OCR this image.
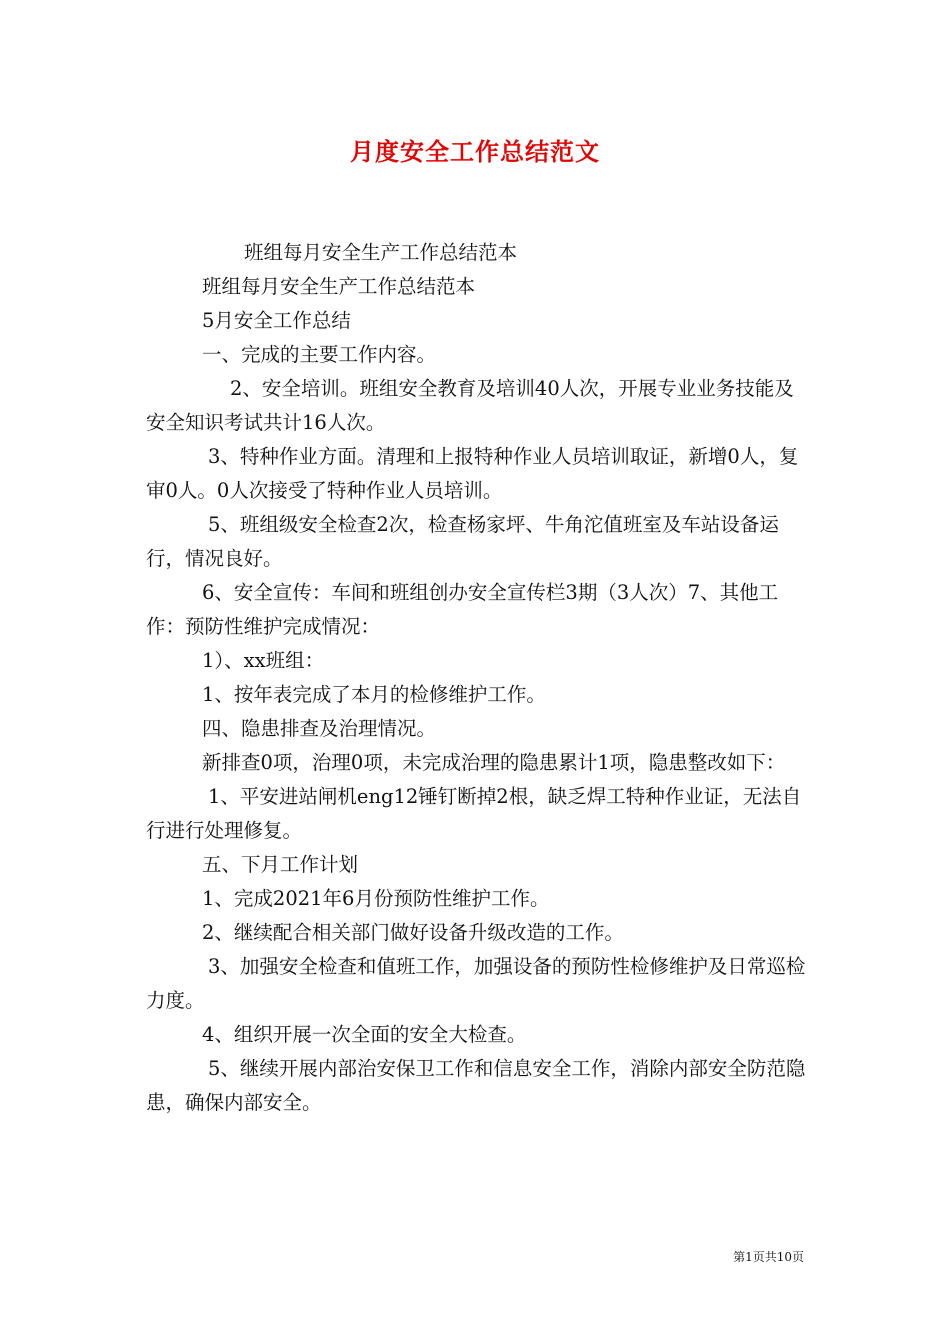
月度安全工作总结范文

班组每月安全生产工作总结范本

班组每月安全生产工作总结范本

5月安全工作总结

一、完成的主要工作内容。

2、安全培训。班组安全教育及培训40人次，开展专业业务技能及安全知识考试共计16人次。

3、特种作业方面。清理和上报特种作业人员培训取证，新增0人，复审0人。0人次接受了特种作业人员培训。

5、班组级安全检查2次，检查杨家坪、牛角沱值班室及车站设备运行，情况良好。

6、安全宣传：车间和班组创办安全宣传栏3期（3人次）7、其他工作：预防性维护完成情况：

1）、xx班组：

1、按年表完成了本月的检修维护工作。

四、隐患排查及治理情况。

新排查0项，治理0项，未完成治理的隐患累计1项，隐患整改如下：

1、平安进站闸机eng12锤钉断掉2根，缺乏焊工特种作业证，无法自行进行处理修复。

五、下月工作计划

1、完成2021年6月份预防性维护工作。

2、继续配合相关部门做好设备升级改造的工作。

3、加强安全检查和值班工作，加强设备的预防性检修维护及日常巡检力度。

4、组织开展一次全面的安全大检查。

5、继续开展内部治安保卫工作和信息安全工作，消除内部安全防范隐患，确保内部安全。

第1页共10页
